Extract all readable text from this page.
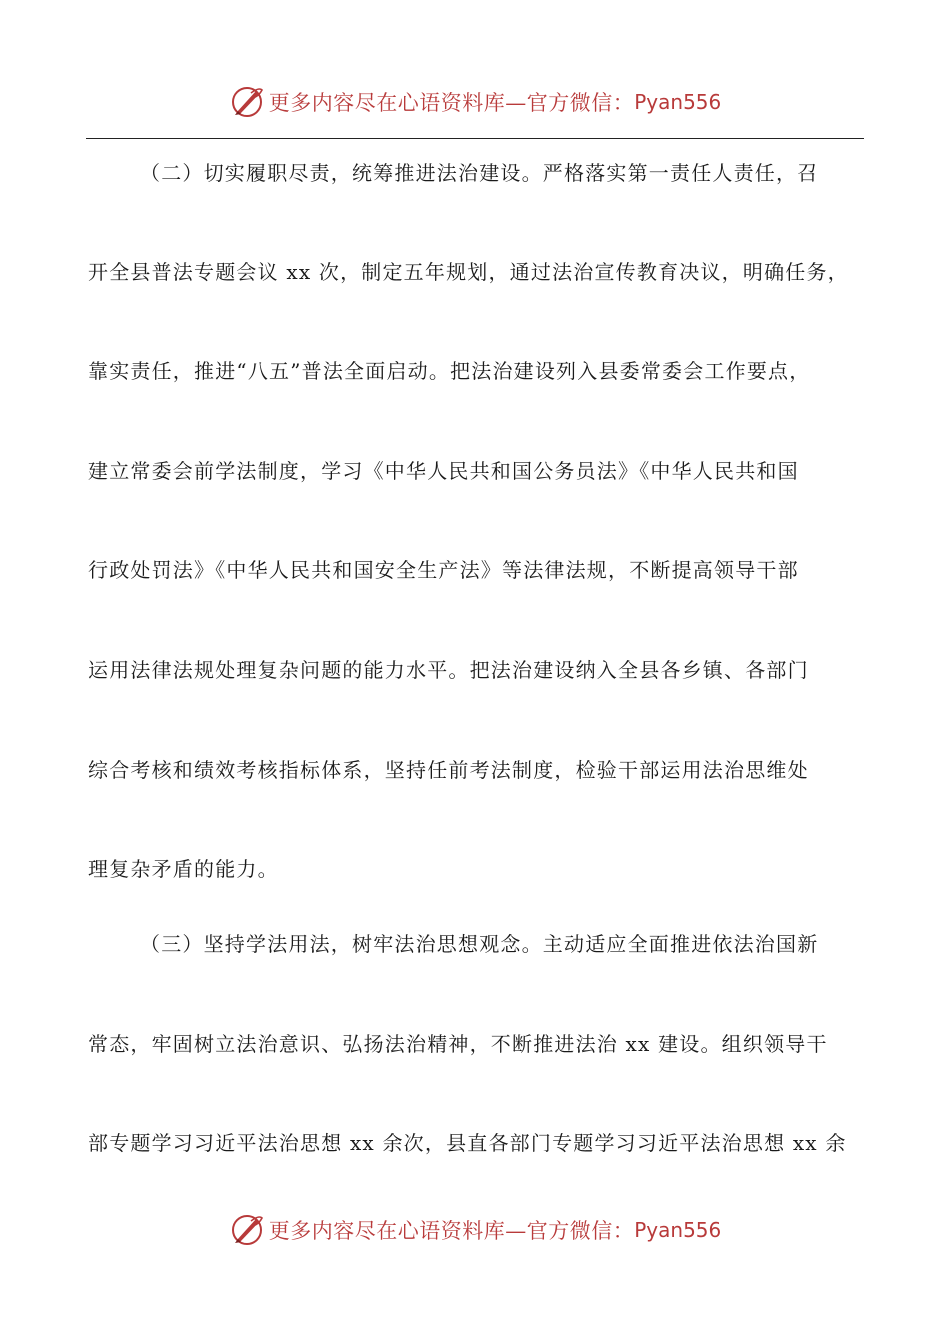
更多内容尽在心语资料库—官方微信： Pyan556
（二）切实履职尽责，统筹推进法治建设。严格落实第一责任人责任，召
开全县普法专题会议 xx 次，制定五年规划，通过法治宣传教育决议，明确任务，
靠实责任，推进“八五”普法全面启动。把法治建设列入县委常委会工作要点，
建立常委会前学法制度，学习《中华人民共和国公务员法》《中华人民共和国
行政处罚法》《中华人民共和国安全生产法》等法律法规，不断提高领导干部
运用法律法规处理复杂问题的能力水平。把法治建设纳入全县各乡镇、各部门
综合考核和绩效考核指标体系，坚持任前考法制度，检验干部运用法治思维处
理复杂矛盾的能力。
（三）坚持学法用法，树牢法治思想观念。主动适应全面推进依法治国新
常态，牢固树立法治意识、弘扬法治精神，不断推进法治 xx 建设。组织领导干
部专题学习习近平法治思想 xx 余次，县直各部门专题学习习近平法治思想 xx 余
更多内容尽在心语资料库—官方微信： Pyan556
